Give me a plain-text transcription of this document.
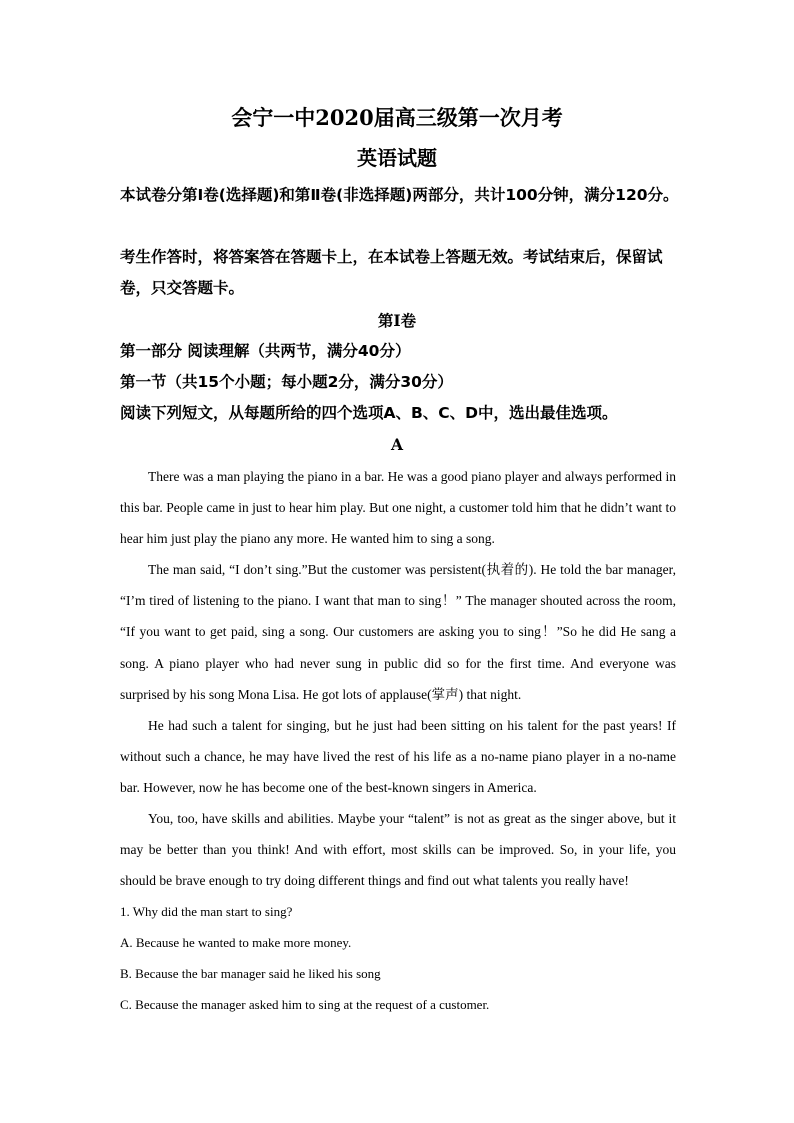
会宁一中2020届高三级第一次月考
英语试题

本试卷分第Ⅰ卷(选择题)和第Ⅱ卷(非选择题)两部分，共计100分钟，满分120分。

考生作答时，将答案答在答题卡上，在本试卷上答题无效。考试结束后，保留试卷，只交答题卡。

第Ⅰ卷
第一部分 阅读理解（共两节，满分40分）
第一节（共15个小题；每小题2分，满分30分）
阅读下列短文，从每题所给的四个选项A、B、C、D中，选出最佳选项。
A

There was a man playing the piano in a bar. He was a good piano player and always performed in this bar. People came in just to hear him play. But one night, a customer told him that he didn’t want to hear him just play the piano any more. He wanted him to sing a song.

The man said, “I don’t sing.”But the customer was persistent(执着的). He told the bar manager, “I’m tired of listening to the piano. I want that man to sing！” The manager shouted across the room, “If you want to get paid, sing a song. Our customers are asking you to sing！”So he did He sang a song. A piano player who had never sung in public did so for the first time. And everyone was surprised by his song Mona Lisa. He got lots of applause(掌声) that night.

He had such a talent for singing, but he just had been sitting on his talent for the past years! If without such a chance, he may have lived the rest of his life as a no-name piano player in a no-name bar. However, now he has become one of the best-known singers in America.

You, too, have skills and abilities. Maybe your “talent” is not as great as the singer above, but it may be better than you think! And with effort, most skills can be improved. So, in your life, you should be brave enough to try doing different things and find out what talents you really have!

1. Why did the man start to sing?
A. Because he wanted to make more money.
B. Because the bar manager said he liked his song
C. Because the manager asked him to sing at the request of a customer.
